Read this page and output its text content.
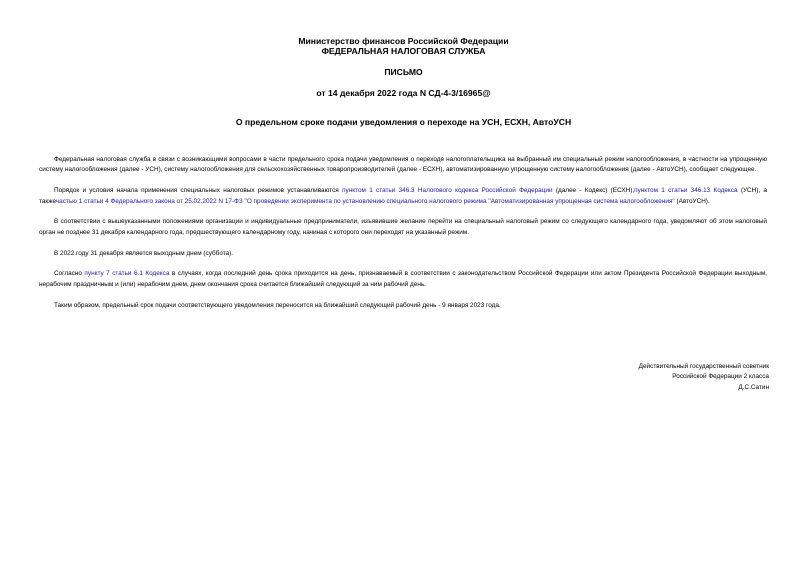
Министерство финансов Российской Федерации
ФЕДЕРАЛЬНАЯ НАЛОГОВАЯ СЛУЖБА
ПИСЬМО
от 14 декабря 2022 года N СД-4-3/16965@
О предельном сроке подачи уведомления о переходе на УСН, ЕСХН, АвтоУСН

Федеральная налоговая служба в связи с возникающими вопросами в части предельного срока подачи уведомления о переходе налогоплательщика на выбранный им специальный режим налогообложения, в частности на упрощенную систему налогообложения (далее - УСН), систему налогообложения для сельскохозяйственных товаропроизводителей (далее - ЕСХН), автоматизированную упрощенную систему налогообложения (далее - АвтоУСН), сообщает следующее.

Порядок и условия начала применения специальных налоговых режимов устанавливаются пунктом 1 статьи 346.3 Налогового кодекса Российской Федерации (далее - Кодекс) (ЕСХН),пунктом 1 статьи 346.13 Кодекса (УСН), а такжечастью 1 статьи 4 Федерального закона от 25.02.2022 N 17-ФЗ "О проведении эксперимента по установлению специального налогового режима "Автоматизированная упрощенная система налогообложения" (АвтоУСН).

В соответствии с вышеуказанными положениями организации и индивидуальные предприниматели, изъявившие желание перейти на специальный налоговый режим со следующего календарного года, уведомляют об этом налоговый орган не позднее 31 декабря календарного года, предшествующего календарному году, начиная с которого они переходят на указанный режим.

В 2022 году 31 декабря является выходным днем (суббота).

Согласно пункту 7 статьи 6.1 Кодекса в случаях, когда последний день срока приходится на день, признаваемый в соответствии с законодательством Российской Федерации или актом Президента Российской Федерации выходным, нерабочим праздничным и (или) нерабочим днем, днем окончания срока считается ближайший следующий за ним рабочий день.

Таким образом, предельный срок подачи соответствующего уведомления переносится на ближайший следующий рабочий день - 9 января 2023 года.

Действительный государственный советник
Российской Федерации 2 класса
Д.С.Сатин
